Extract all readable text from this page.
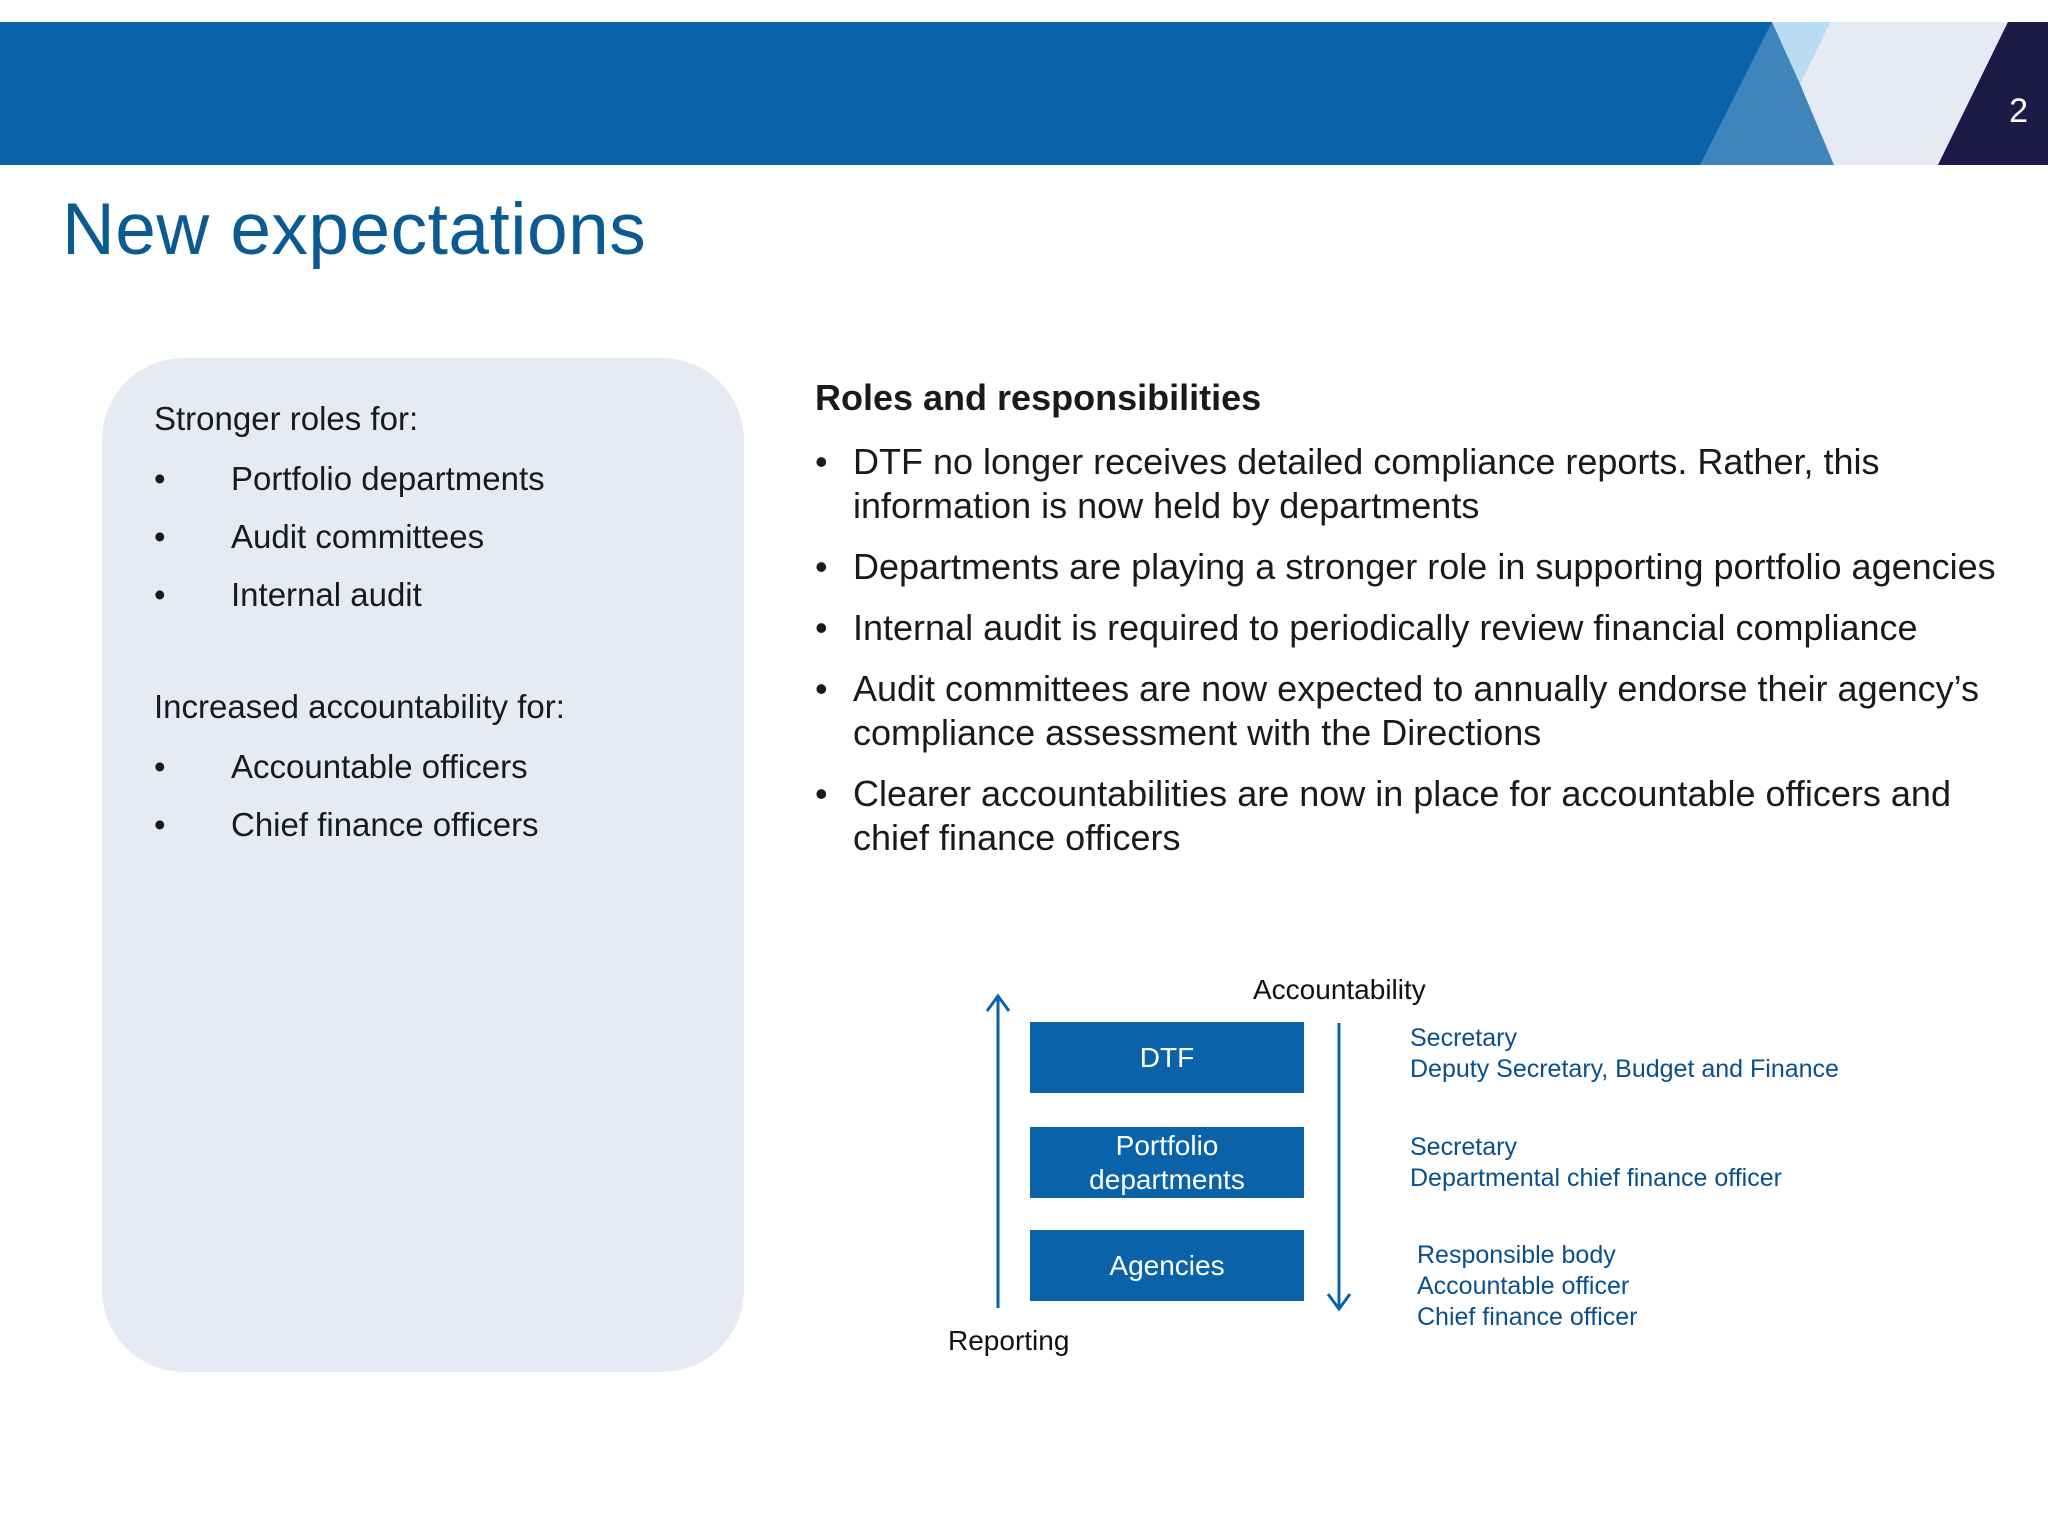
2
New expectations
Stronger roles for:
• Portfolio departments
• Audit committees
• Internal audit
Increased accountability for:
• Accountable officers
• Chief finance officers
Roles and responsibilities
• DTF no longer receives detailed compliance reports. Rather, this information is now held by departments
• Departments are playing a stronger role in supporting portfolio agencies
• Internal audit is required to periodically review financial compliance
• Audit committees are now expected to annually endorse their agency’s compliance assessment with the Directions
• Clearer accountabilities are now in place for accountable officers and chief finance officers
Accountability
Reporting
DTF
Portfolio
departments
Agencies
Secretary
Deputy Secretary, Budget and Finance
Secretary
Departmental chief finance officer
Responsible body
Accountable officer
Chief finance officer
